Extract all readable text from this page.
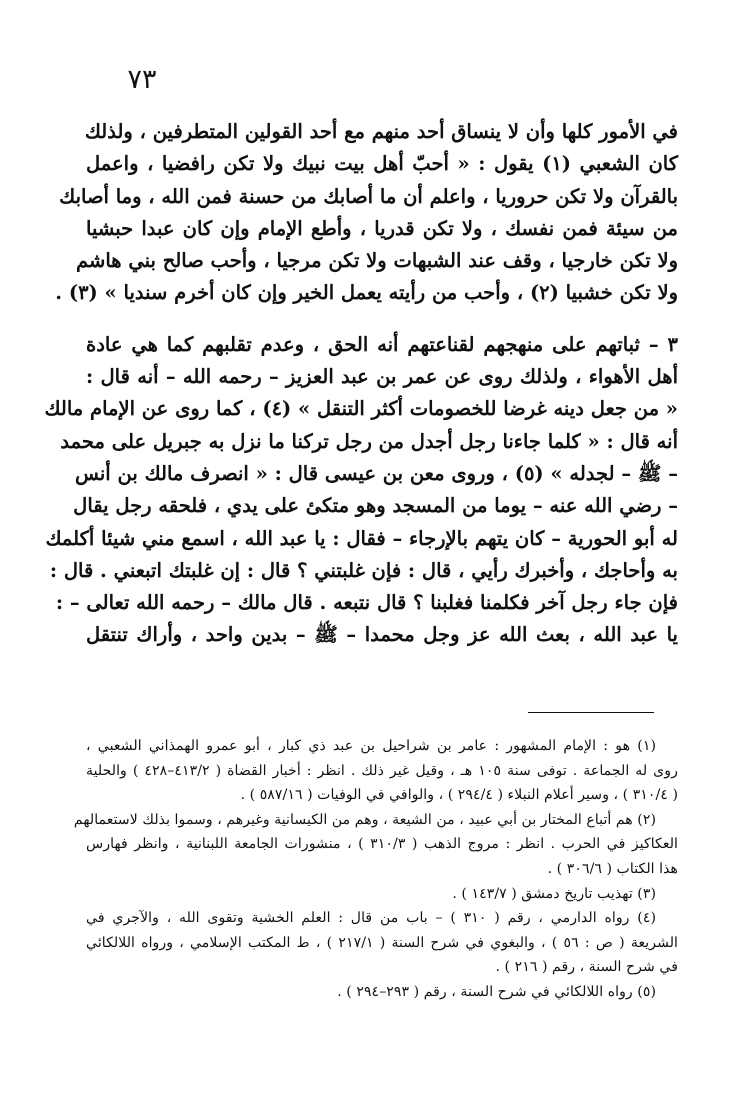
٧٣

في الأمور كلها وأن لا ينساق أحد منهم مع أحد القولين المتطرفين ، ولذلك
كان الشعبي (١) يقول : « أحبّ أهل بيت نبيك ولا تكن رافضيا ، واعمل
بالقرآن ولا تكن حروريا ، واعلم أن ما أصابك من حسنة فمن الله ، وما أصابك
من سيئة فمن نفسك ، ولا تكن قدريا ، وأطع الإمام وإن كان عبدا حبشيا
ولا تكن خارجيا ، وقف عند الشبهات ولا تكن مرجيا ، وأحب صالح بني هاشم
ولا تكن خشبيا (٢) ، وأحب من رأيته يعمل الخير وإن كان أخرم سنديا » (٣) .

٣ – ثباتهم على منهجهم لقناعتهم أنه الحق ، وعدم تقلبهم كما هي عادة
أهل الأهواء ، ولذلك روى عن عمر بن عبد العزيز – رحمه الله – أنه قال :
« من جعل دينه غرضا للخصومات أكثر التنقل » (٤) ، كما روى عن الإمام مالك
أنه قال : « كلما جاءنا رجل أجدل من رجل تركنا ما نزل به جبريل على محمد
– ﷺ – لجدله » (٥) ، وروى معن بن عيسى قال : « انصرف مالك بن أنس
– رضي الله عنه – يوما من المسجد وهو متكئ على يدي ، فلحقه رجل يقال
له أبو الحورية – كان يتهم بالإرجاء – فقال : يا عبد الله ، اسمع مني شيئا أكلمك
به وأحاجك ، وأخبرك رأيي ، قال : فإن غلبتني ؟ قال : إن غلبتك اتبعني . قال :
فإن جاء رجل آخر فكلمنا فغلبنا ؟ قال نتبعه . قال مالك – رحمه الله تعالى – :
يا عبد الله ، بعث الله عز وجل محمدا – ﷺ – بدين واحد ، وأراك تنتقل

(١) هو : الإمام المشهور : عامر بن شراحيل بن عبد ذي كبار ، أبو عمرو الهمذاني الشعبي ،
روى له الجماعة . توفى سنة ١٠٥ هـ ، وقيل غير ذلك . انظر : أخبار القضاة ( ٤١٣/٢–٤٢٨ ) والحلية
( ٣١٠/٤ ) ، وسير أعلام النبلاء ( ٢٩٤/٤ ) ، والوافي في الوفيات ( ٥٨٧/١٦ ) .
(٢) هم أتباع المختار بن أبي عبيد ، من الشيعة ، وهم من الكيسانية وغيرهم ، وسموا بذلك لاستعمالهم
العكاكيز في الحرب . انظر : مروج الذهب ( ٣١٠/٣ ) ، منشورات الجامعة اللبنانية ، وانظر فهارس
هذا الكتاب ( ٣٠٦/٦ ) .
(٣) تهذيب تاريخ دمشق ( ١٤٣/٧ ) .
(٤) رواه الدارمي ، رقم ( ٣١٠ ) – باب من قال : العلم الخشية وتقوى الله ، والآجري في
الشريعة ( ص : ٥٦ ) ، والبغوي في شرح السنة ( ٢١٧/١ ) ، ط المكتب الإسلامي ، ورواه اللالكائي
في شرح السنة ، رقم ( ٢١٦ ) .
(٥) رواه اللالكائي في شرح السنة ، رقم ( ٢٩٣–٢٩٤ ) .
